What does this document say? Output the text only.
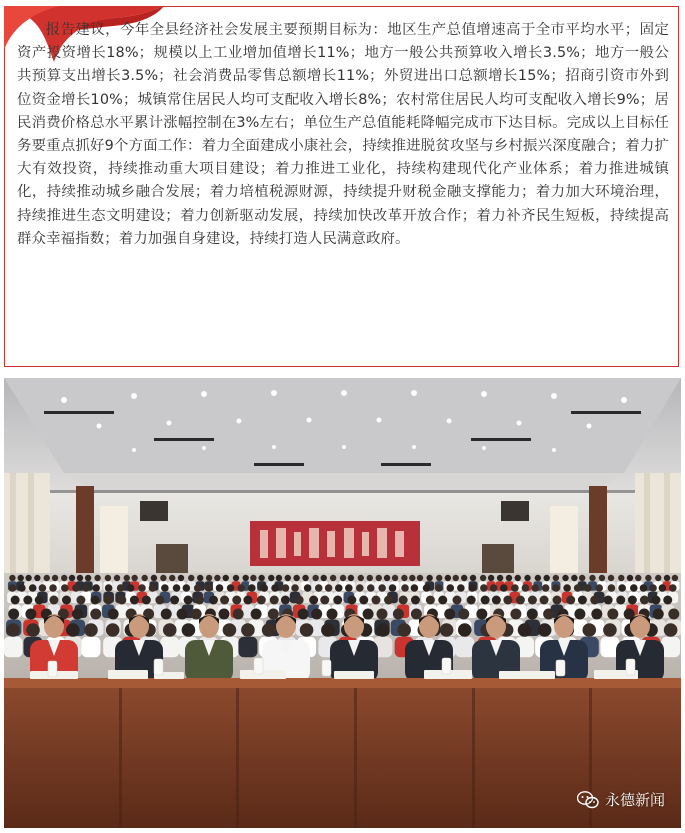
报告建议，今年全县经济社会发展主要预期目标为：地区生产总值增速高于全市平均水平；固定资产投资增长18%；规模以上工业增加值增长11%；地方一般公共预算收入增长3.5%；地方一般公共预算支出增长3.5%；社会消费品零售总额增长11%；外贸进出口总额增长15%；招商引资市外到位资金增长10%；城镇常住居民人均可支配收入增长8%；农村常住居民人均可支配收入增长9%；居民消费价格总水平累计涨幅控制在3%左右；单位生产总值能耗降幅完成市下达目标。完成以上目标任务要重点抓好9个方面工作：着力全面建成小康社会，持续推进脱贫攻坚与乡村振兴深度融合；着力扩大有效投资，持续推动重大项目建设；着力推进工业化，持续构建现代化产业体系；着力推进城镇化，持续推动城乡融合发展；着力培植税源财源，持续提升财税金融支撑能力；着力加大环境治理，持续推进生态文明建设；着力创新驱动发展，持续加快改革开放合作；着力补齐民生短板，持续提高群众幸福指数；着力加强自身建设，持续打造人民满意政府。

永德新闻
